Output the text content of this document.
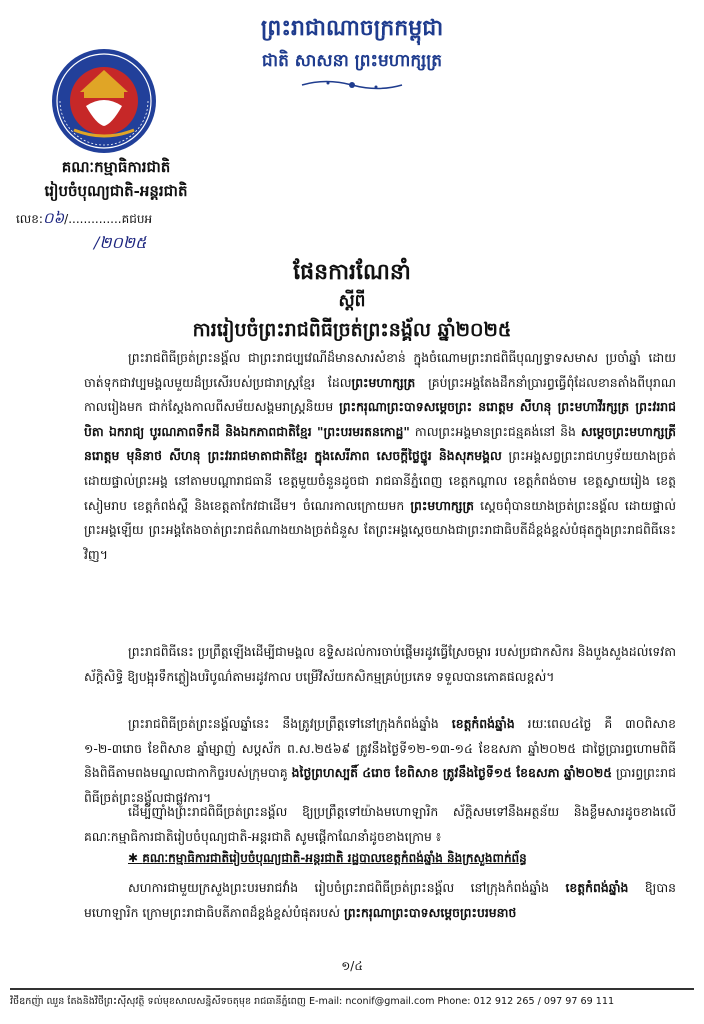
ព្រះរាជាណាចក្រកម្ពុជា
ជាតិ សាសនា ព្រះមហាក្សត្រ
គណៈកម្មាធិការជាតិ
រៀបចំបុណ្យជាតិ-អន្តរជាតិ
លេខ:០៦/..............គជបអ
/២០២៥
ផែនការណែនាំ
ស្តីពី
ការរៀបចំព្រះរាជពិធីច្រត់ព្រះនង្គ័ល ឆ្នាំ២០២៥
ព្រះរាជពិធីច្រត់ព្រះនង្គ័ល ជាព្រះរាជប្បវេណីដ៏មានសារសំខាន់ ក្នុងចំណោមព្រះរាជពិធីបុណ្យទ្វាទសមាស ប្រចាំឆ្នាំ ដោយចាត់ទុកជាវប្បមង្គលមួយដ៏ប្រសើរបស់ប្រជារាស្ត្រខ្មែរ ដែលព្រះមហាក្សត្រ គ្រប់ព្រះអង្គតែងដឹកនាំប្រារព្ធធ្វើពុំដែលខានតាំងពីបុរាណកាលរៀងមក ជាក់ស្តែងកាលពីសម័យសង្គមរាស្ត្រនិយម ព្រះករុណាព្រះបាទសម្តេចព្រះ នរោត្តម សីហនុ ព្រះមហាវីរក្សត្រ ព្រះវររាជបិតា ឯករាជ្យ បូរណភាពទឹកដី និងឯកភាពជាតិខ្មែរ "ព្រះបរមរតនកោដ្ឋ" កាលព្រះអង្គមានព្រះជន្មគង់នៅ និង សម្តេចព្រះមហាក្សត្រី នរោត្តម មុនិនាថ សីហនុ ព្រះវររាជមាតាជាតិខ្មែរ ក្នុងសេរីភាព សេចក្តីថ្លៃថ្នូរ និងសុភមង្គល ព្រះអង្គសព្វព្រះរាជហឫទ័យយាងច្រត់ដោយផ្ទាល់ព្រះអង្គ នៅតាមបណ្តារាជធានី ខេត្តមួយចំនួនដូចជា រាជធានីភ្នំពេញ ខេត្តកណ្តាល ខេត្តកំពង់ចាម ខេត្តស្វាយរៀង ខេត្តសៀមរាប ខេត្តកំពង់ស្ពឺ និងខេត្តតាកែវជាដើម។ ចំណេរកាលក្រោយមក ព្រះមហាក្សត្រ ស្តេចពុំបានយាងច្រត់ព្រះនង្គ័ល ដោយផ្ទាល់ព្រះអង្គឡើយ ព្រះអង្គតែងចាត់ព្រះរាជតំណាងយាងច្រត់ជំនួស តែព្រះអង្គស្តេចយាងជាព្រះរាជាធិបតីដ៏ខ្ពង់ខ្ពស់បំផុតក្នុងព្រះរាជពិធីនេះវិញ។
ព្រះរាជពិធីនេះ ប្រព្រឹត្តឡើងដើម្បីជាមង្គល ឧទ្ទិសដល់ការចាប់ផ្តើមរដូវធ្វើស្រែចម្ការ របស់ប្រជាកសិករ និងបួងសួងដល់ទេវតាស័ក្តិសិទ្ធិ ឱ្យបង្អុរទឹកភ្លៀងបរិបូណ៌តាមរដូវកាល បម្រើវិស័យកសិកម្មគ្រប់ប្រភេទ ទទួលបានភោគផលខ្ពស់។
ព្រះរាជពិធីច្រត់ព្រះនង្គ័លឆ្នាំនេះ នឹងត្រូវប្រព្រឹត្តទៅនៅក្រុងកំពង់ឆ្នាំង ខេត្តកំពង់ឆ្នាំង រយៈពេល៤ថ្ងៃ គឺ ៣០ពិសាខ ១-២-៣រោច ខែពិសាខ ឆ្នាំម្សាញ់ សប្តស័ក ព.ស.២៥៦៩ ត្រូវនឹងថ្ងៃទី១២-១៣-១៤ ខែឧសភា ឆ្នាំ២០២៥ ជាថ្ងៃប្រារព្ធហោមពិធី និងពិធីតាមពងមណ្ឌលជាកាកិច្ចរបស់ក្រុមបាគូ ងថ្ងៃព្រហស្បតិ៍ ៤រោច ខែពិសាខ ត្រូវនឹងថ្ងៃទី១៥ ខែឧសភា ឆ្នាំ២០២៥ ប្រារព្ធព្រះរាជពិធីច្រត់ព្រះនង្គ័លជាផ្លូវការ។
ដើម្បីញ៉ាំងព្រះរាជពិធីច្រត់ព្រះនង្គ័ល ឱ្យប្រព្រឹត្តទៅយ៉ាងមហោឡារិក ស័ក្តិសមទៅនឹងអត្ថន័យ និងខ្លឹមសារដូចខាងលើ គណៈកម្មាធិការជាតិរៀបចំបុណ្យជាតិ-អន្តរជាតិ សូមផ្តើកាណែនាំដូចខាងក្រោម ៖
✱ គណៈកម្មាធិការជាតិរៀបចំបុណ្យជាតិ-អន្តរជាតិ រដ្ឋបាលខេត្តកំពង់ឆ្នាំង និងក្រសួងពាក់ព័ន្ធ
សហការជាមួយក្រសួងព្រះបរមរាជវាំង រៀបចំព្រះរាជពិធីច្រត់ព្រះនង្គ័ល នៅក្រុងកំពង់ឆ្នាំង ខេត្តកំពង់ឆ្នាំង ឱ្យបានមហោឡារិក ក្រោមព្រះរាជាធិបតីភាពដ៏ខ្ពង់ខ្ពស់បំផុតរបស់ ព្រះករុណាព្រះបាទសម្តេចព្រះបរមនាថ
១/៤
វិថីឧកញ៉ា ឈួន តែងនិងវិថីព្រះស៊ីសុវត្ថិ ទល់មុខសាលសន្និសីទចតុមុខ រាជធានីភ្នំពេញ E-mail: nconif@gmail.com Phone: 012 912 265 / 097 97 69 111
